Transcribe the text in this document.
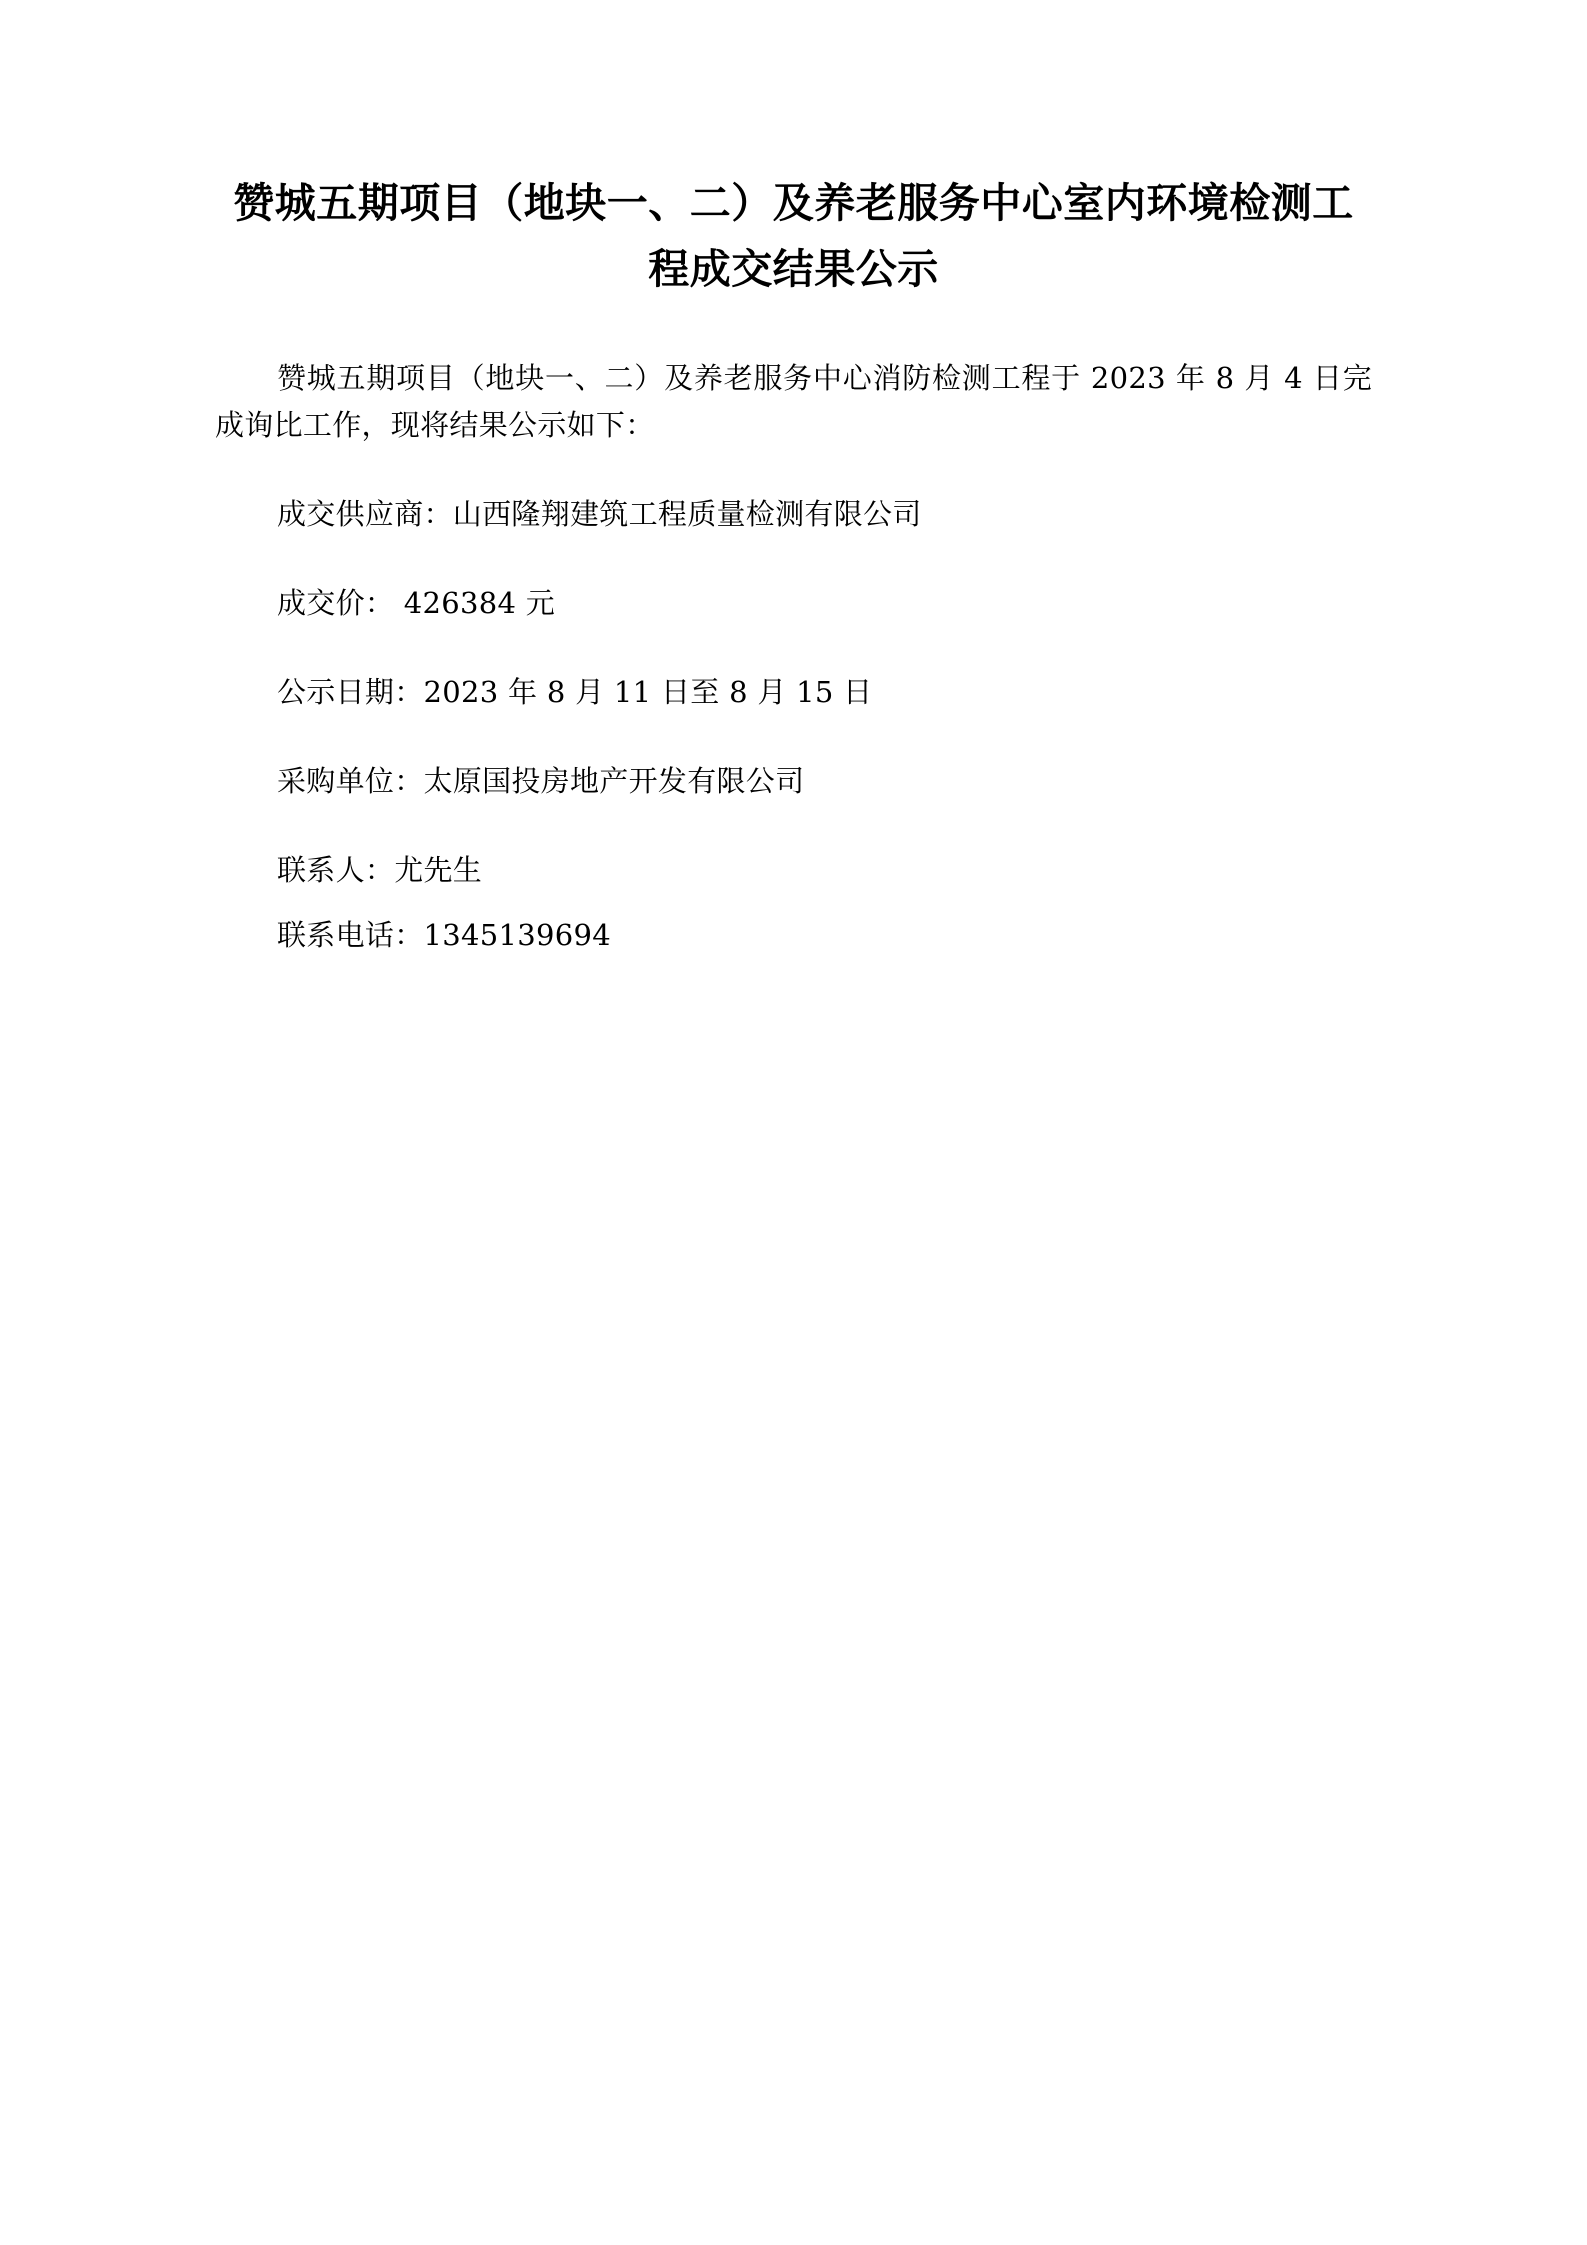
赞城五期项目（地块一、二）及养老服务中心室内环境检测工程成交结果公示

赞城五期项目（地块一、二）及养老服务中心消防检测工程于 2023 年 8 月 4 日完成询比工作，现将结果公示如下：

成交供应商：山西隆翔建筑工程质量检测有限公司

成交价： 426384 元

公示日期：2023 年 8 月 11 日至 8 月 15 日

采购单位：太原国投房地产开发有限公司

联系人：尤先生

联系电话：1345139694
